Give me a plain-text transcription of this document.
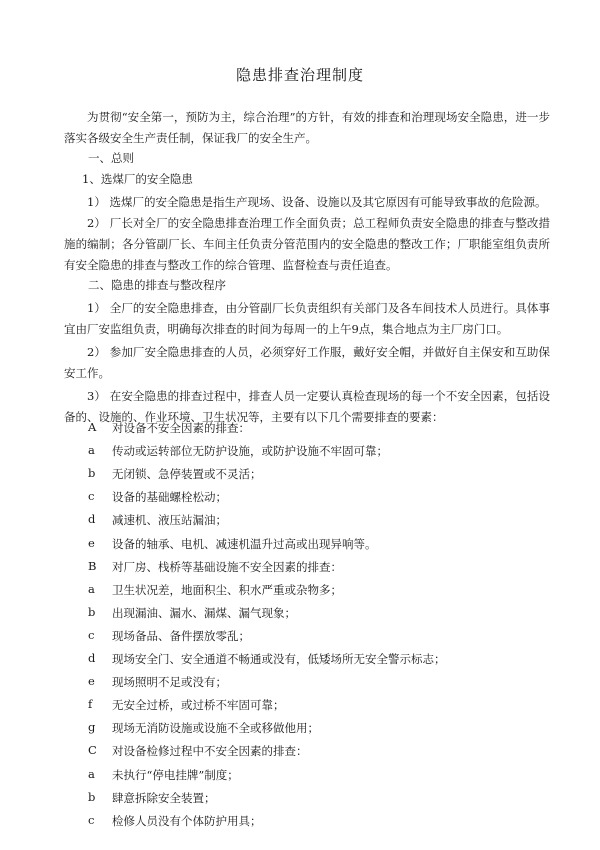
隐患排查治理制度
为贯彻“安全第一，预防为主，综合治理”的方针，有效的排查和治理现场安全隐患，进一步落实各级安全生产责任制，保证我厂的安全生产。
一、总则
1、选煤厂的安全隐患
1） 选煤厂的安全隐患是指生产现场、设备、设施以及其它原因有可能导致事故的危险源。
2） 厂长对全厂的安全隐患排查治理工作全面负责；总工程师负责安全隐患的排查与整改措施的编制；各分管副厂长、车间主任负责分管范围内的安全隐患的整改工作；厂职能室组负责所有安全隐患的排查与整改工作的综合管理、监督检查与责任追查。
二、隐患的排查与整改程序
1） 全厂的安全隐患排查，由分管副厂长负责组织有关部门及各车间技术人员进行。具体事宜由厂安监组负责，明确每次排查的时间为每周一的上午9点，集合地点为主厂房门口。
2） 参加厂安全隐患排查的人员，必须穿好工作服，戴好安全帽，并做好自主保安和互助保安工作。
3） 在安全隐患的排查过程中，排查人员一定要认真检查现场的每一个不安全因素，包括设备的、设施的、作业环境、卫生状况等，主要有以下几个需要排查的要素：
A	对设备不安全因素的排查：
a	传动或运转部位无防护设施，或防护设施不牢固可靠；
b	无闭锁、急停装置或不灵活；
c	设备的基础螺栓松动；
d	减速机、液压站漏油；
e	设备的轴承、电机、减速机温升过高或出现异响等。
B	对厂房、栈桥等基础设施不安全因素的排查：
a	卫生状况差，地面积尘、积水严重或杂物多；
b	出现漏油、漏水、漏煤、漏气现象；
c	现场备品、备件摆放零乱；
d	现场安全门、安全通道不畅通或没有，低矮场所无安全警示标志；
e	现场照明不足或没有；
f	无安全过桥，或过桥不牢固可靠；
g	现场无消防设施或设施不全或移做他用；
C	对设备检修过程中不安全因素的排查：
a	未执行“停电挂牌”制度；
b	肆意拆除安全装置；
c	检修人员没有个体防护用具；
